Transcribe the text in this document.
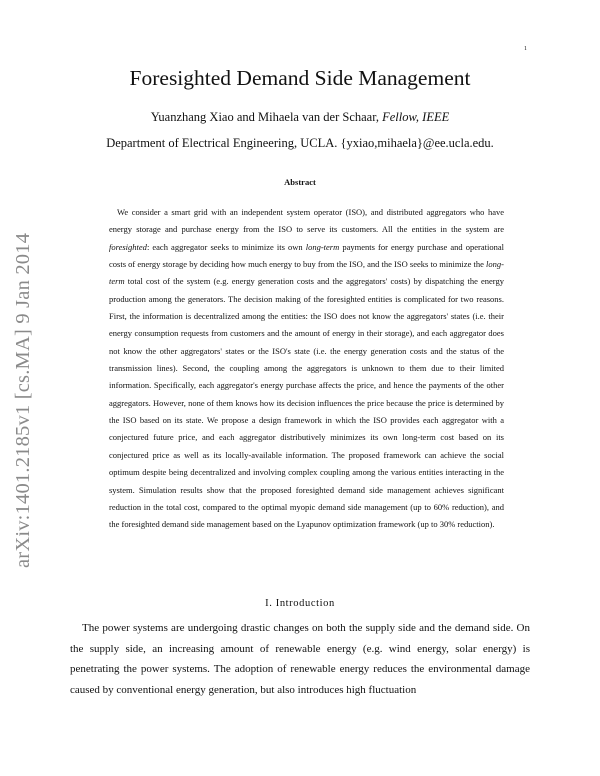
1
arXiv:1401.2185v1 [cs.MA] 9 Jan 2014
Foresighted Demand Side Management
Yuanzhang Xiao and Mihaela van der Schaar, Fellow, IEEE
Department of Electrical Engineering, UCLA. {yxiao,mihaela}@ee.ucla.edu.
Abstract

We consider a smart grid with an independent system operator (ISO), and distributed aggregators who have energy storage and purchase energy from the ISO to serve its customers. All the entities in the system are foresighted: each aggregator seeks to minimize its own long-term payments for energy purchase and operational costs of energy storage by deciding how much energy to buy from the ISO, and the ISO seeks to minimize the long-term total cost of the system (e.g. energy generation costs and the aggregators' costs) by dispatching the energy production among the generators. The decision making of the foresighted entities is complicated for two reasons. First, the information is decentralized among the entities: the ISO does not know the aggregators' states (i.e. their energy consumption requests from customers and the amount of energy in their storage), and each aggregator does not know the other aggregators' states or the ISO's state (i.e. the energy generation costs and the status of the transmission lines). Second, the coupling among the aggregators is unknown to them due to their limited information. Specifically, each aggregator's energy purchase affects the price, and hence the payments of the other aggregators. However, none of them knows how its decision influences the price because the price is determined by the ISO based on its state. We propose a design framework in which the ISO provides each aggregator with a conjectured future price, and each aggregator distributively minimizes its own long-term cost based on its conjectured price as well as its locally-available information. The proposed framework can achieve the social optimum despite being decentralized and involving complex coupling among the various entities interacting in the system. Simulation results show that the proposed foresighted demand side management achieves significant reduction in the total cost, compared to the optimal myopic demand side management (up to 60% reduction), and the foresighted demand side management based on the Lyapunov optimization framework (up to 30% reduction).

I. Introduction

The power systems are undergoing drastic changes on both the supply side and the demand side. On the supply side, an increasing amount of renewable energy (e.g. wind energy, solar energy) is penetrating the power systems. The adoption of renewable energy reduces the environmental damage caused by conventional energy generation, but also introduces high fluctuation
